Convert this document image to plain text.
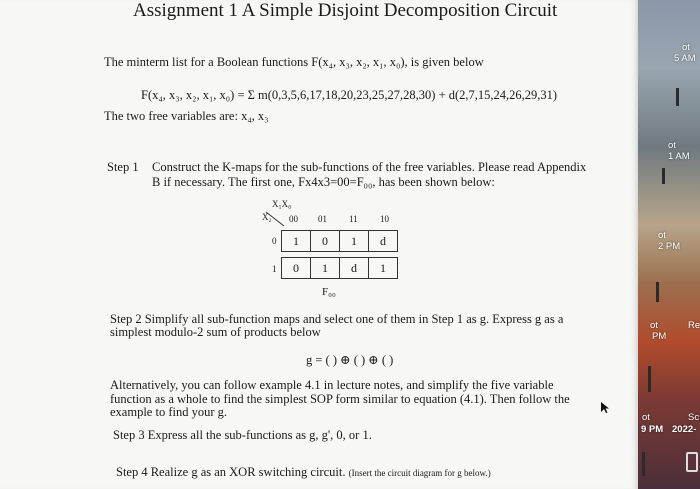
Assignment 1 A Simple Disjoint Decomposition Circuit
The minterm list for a Boolean functions F(x₄, x₃, x₂, x₁, x₀), is given below
F(x₄, x₃, x₂, x₁, x₀) = Σ m(0,3,5,6,17,18,20,23,25,27,28,30) + d(2,7,15,24,26,29,31)
The two free variables are: x₄, x₃
Step 1 Construct the K-maps for the sub-functions of the free variables. Please read Appendix
B if necessary. The first one, Fx4x3=00=F₀₀, has been shown below:
X₁X₀
X₂ 00 01 11 10
0
1
1	0	1	d
0	1	d	1
F₀₀
Step 2 Simplify all sub-function maps and select one of them in Step 1 as g. Express g as a
simplest modulo-2 sum of products below
g = ( ) ⊕ ( ) ⊕ ( )
Alternatively, you can follow example 4.1 in lecture notes, and simplify the five variable
function as a whole to find the simplest SOP form similar to equation (4.1). Then follow the
example to find your g.
Step 3 Express all the sub-functions as g, g', 0, or 1.
Step 4 Realize g as an XOR switching circuit. (Insert the circuit diagram for g below.)
ot
5 AM
ot
1 AM
ot
2 PM
ot	Re
PM
ot	Sc
9 PM 2022-
